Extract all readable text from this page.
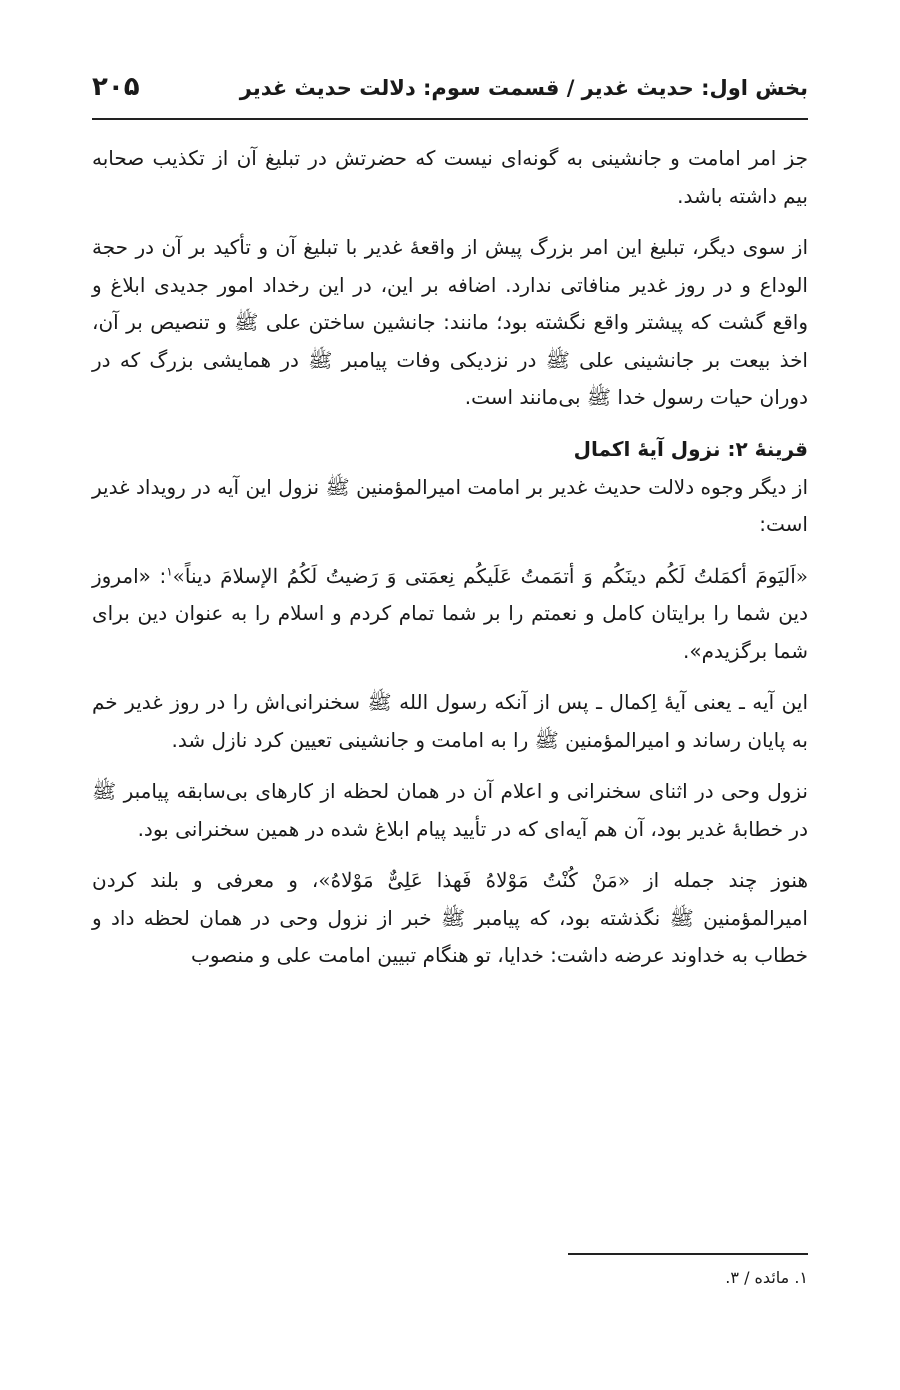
بخش اول: حدیث غدیر / قسمت سوم: دلالت حدیث غدیر
۲۰۵

جز امر امامت و جانشینی به گونه‌ای نیست که حضرتش در تبلیغ آن از تکذیب صحابه بیم داشته باشد.

از سوی دیگر، تبلیغ این امر بزرگ پیش از واقعهٔ غدیر با تبلیغ آن و تأکید بر آن در حجة الوداع و در روز غدیر منافاتی ندارد. اضافه بر این، در این رخداد امور جدیدی ابلاغ و واقع گشت که پیشتر واقع نگشته بود؛ مانند: جانشین ساختن علی ﷺ و تنصیص بر آن، اخذ بیعت بر جانشینی علی ﷺ در نزدیکی وفات پیامبر ﷺ در همایشی بزرگ که در دوران حیات رسول خدا ﷺ بی‌مانند است.

قرینهٔ ۲: نزول آیهٔ اکمال

از دیگر وجوه دلالت حدیث غدیر بر امامت امیرالمؤمنین ﷺ نزول این آیه در رویداد غدیر است:

«اَلیَومَ أکمَلتُ لَکُم دینَکُم وَ أتمَمتُ عَلَیکُم نِعمَتی وَ رَضیتُ لَکُمُ الإسلامَ دیناً»$^۱$: «امروز دین شما را برایتان کامل و نعمتم را بر شما تمام کردم و اسلام را به عنوان دین برای شما برگزیدم».

این آیه ـ یعنی آیهٔ اِکمال ـ پس از آنکه رسول الله ﷺ سخنرانی‌اش را در روز غدیر خم به پایان رساند و امیرالمؤمنین ﷺ را به امامت و جانشینی تعیین کرد نازل شد.

نزول وحی در اثنای سخنرانی و اعلام آن در همان لحظه از کارهای بی‌سابقه پیامبر ﷺ در خطابهٔ غدیر بود، آن هم آیه‌ای که در تأیید پیام ابلاغ شده در همین سخنرانی بود.

هنوز چند جمله از «مَنْ کُنْتُ مَوْلاهُ فَهذا عَلِیٌّ مَوْلاهُ»، و معرفی و بلند کردن امیرالمؤمنین ﷺ نگذشته بود، که پیامبر ﷺ خبر از نزول وحی در همان لحظه داد و خطاب به خداوند عرضه داشت: خدایا، تو هنگام تبیین امامت علی و منصوب

۱. مائده / ۳.
